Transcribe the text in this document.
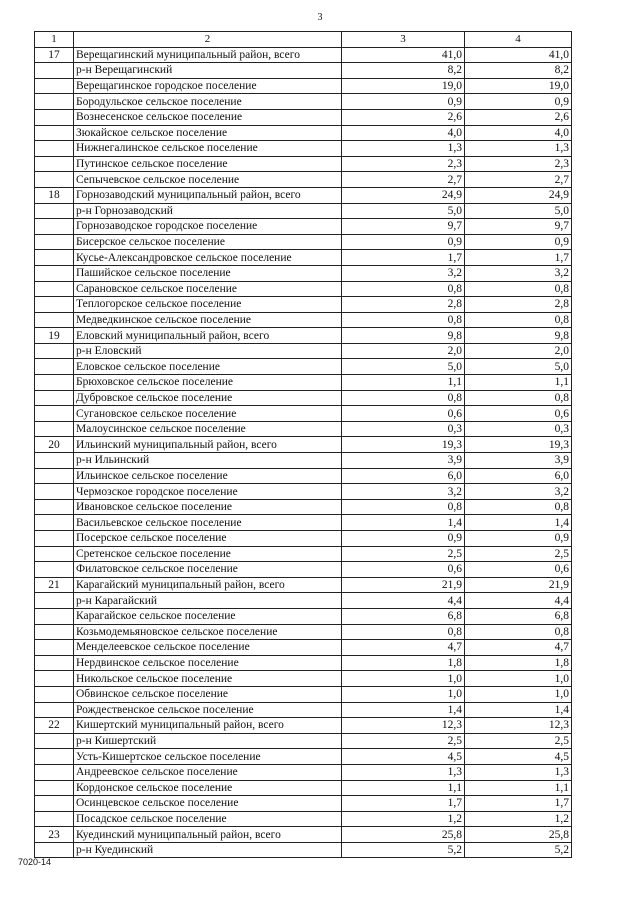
3
1	2	3	4
17	Верещагинский муниципальный район, всего	41,0	41,0
	р-н Верещагинский	8,2	8,2
	Верещагинское городское поселение	19,0	19,0
	Бородульское сельское поселение	0,9	0,9
	Вознесенское сельское поселение	2,6	2,6
	Зюкайское сельское поселение	4,0	4,0
	Нижнегалинское сельское поселение	1,3	1,3
	Путинское сельское поселение	2,3	2,3
	Сепычевское сельское поселение	2,7	2,7
18	Горнозаводский муниципальный район, всего	24,9	24,9
	р-н Горнозаводский	5,0	5,0
	Горнозаводское городское поселение	9,7	9,7
	Бисерское сельское поселение	0,9	0,9
	Кусье-Александровское сельское поселение	1,7	1,7
	Пашийское сельское поселение	3,2	3,2
	Сарановское сельское поселение	0,8	0,8
	Теплогорское сельское поселение	2,8	2,8
	Медведкинское сельское поселение	0,8	0,8
19	Еловский муниципальный район, всего	9,8	9,8
	р-н Еловский	2,0	2,0
	Еловское сельское поселение	5,0	5,0
	Брюховское сельское поселение	1,1	1,1
	Дубровское сельское поселение	0,8	0,8
	Сугановское сельское поселение	0,6	0,6
	Малоусинское сельское поселение	0,3	0,3
20	Ильинский муниципальный район, всего	19,3	19,3
	р-н Ильинский	3,9	3,9
	Ильинское сельское поселение	6,0	6,0
	Чермозское городское поселение	3,2	3,2
	Ивановское сельское поселение	0,8	0,8
	Васильевское сельское поселение	1,4	1,4
	Посерское сельское поселение	0,9	0,9
	Сретенское сельское поселение	2,5	2,5
	Филатовское сельское поселение	0,6	0,6
21	Карагайский муниципальный район, всего	21,9	21,9
	р-н Карагайский	4,4	4,4
	Карагайское сельское поселение	6,8	6,8
	Козьмодемьяновское сельское поселение	0,8	0,8
	Менделеевское сельское поселение	4,7	4,7
	Нердвинское сельское поселение	1,8	1,8
	Никольское сельское поселение	1,0	1,0
	Обвинское сельское поселение	1,0	1,0
	Рождественское сельское поселение	1,4	1,4
22	Кишертский муниципальный район, всего	12,3	12,3
	р-н Кишертский	2,5	2,5
	Усть-Кишертское сельское поселение	4,5	4,5
	Андреевское сельское поселение	1,3	1,3
	Кордонское сельское поселение	1,1	1,1
	Осинцевское сельское поселение	1,7	1,7
	Посадское сельское поселение	1,2	1,2
23	Куединский муниципальный район, всего	25,8	25,8
	р-н Куединский	5,2	5,2
7020-14
